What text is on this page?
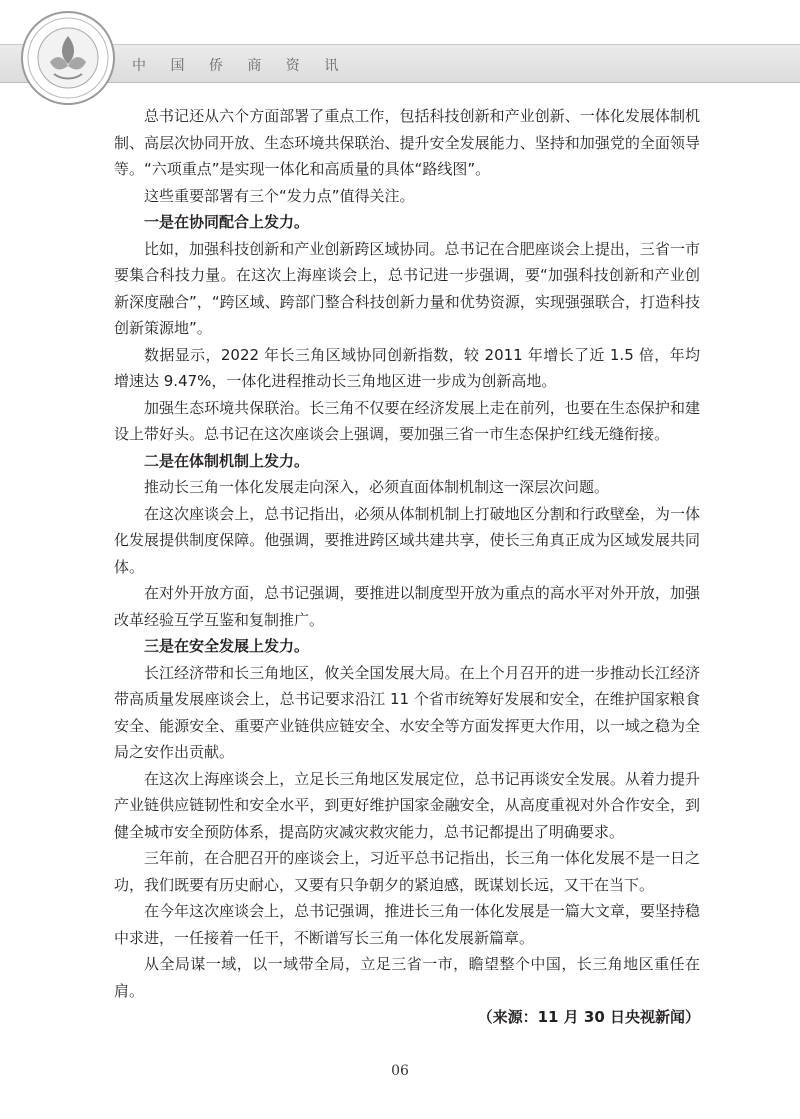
中 国 侨 商 资 讯

总书记还从六个方面部署了重点工作，包括科技创新和产业创新、一体化发展体制机制、高层次协同开放、生态环境共保联治、提升安全发展能力、坚持和加强党的全面领导等。“六项重点”是实现一体化和高质量的具体“路线图”。

这些重要部署有三个“发力点”值得关注。

一是在协同配合上发力。

比如，加强科技创新和产业创新跨区域协同。总书记在合肥座谈会上提出，三省一市要集合科技力量。在这次上海座谈会上，总书记进一步强调，要“加强科技创新和产业创新深度融合”，“跨区域、跨部门整合科技创新力量和优势资源，实现强强联合，打造科技创新策源地”。

数据显示，2022 年长三角区域协同创新指数，较 2011 年增长了近 1.5 倍，年均增速达 9.47%，一体化进程推动长三角地区进一步成为创新高地。

加强生态环境共保联治。长三角不仅要在经济发展上走在前列，也要在生态保护和建设上带好头。总书记在这次座谈会上强调，要加强三省一市生态保护红线无缝衔接。

二是在体制机制上发力。

推动长三角一体化发展走向深入，必须直面体制机制这一深层次问题。

在这次座谈会上，总书记指出，必须从体制机制上打破地区分割和行政壁垒，为一体化发展提供制度保障。他强调，要推进跨区域共建共享，使长三角真正成为区域发展共同体。

在对外开放方面，总书记强调，要推进以制度型开放为重点的高水平对外开放，加强改革经验互学互鉴和复制推广。

三是在安全发展上发力。

长江经济带和长三角地区，攸关全国发展大局。在上个月召开的进一步推动长江经济带高质量发展座谈会上，总书记要求沿江 11 个省市统筹好发展和安全，在维护国家粮食安全、能源安全、重要产业链供应链安全、水安全等方面发挥更大作用，以一域之稳为全局之安作出贡献。

在这次上海座谈会上，立足长三角地区发展定位，总书记再谈安全发展。从着力提升产业链供应链韧性和安全水平，到更好维护国家金融安全，从高度重视对外合作安全，到健全城市安全预防体系，提高防灾减灾救灾能力，总书记都提出了明确要求。

三年前，在合肥召开的座谈会上，习近平总书记指出，长三角一体化发展不是一日之功，我们既要有历史耐心，又要有只争朝夕的紧迫感，既谋划长远，又干在当下。

在今年这次座谈会上，总书记强调，推进长三角一体化发展是一篇大文章，要坚持稳中求进，一任接着一任干，不断谱写长三角一体化发展新篇章。

从全局谋一域，以一域带全局，立足三省一市，瞻望整个中国，长三角地区重任在肩。

（来源：11 月 30 日央视新闻）

06
